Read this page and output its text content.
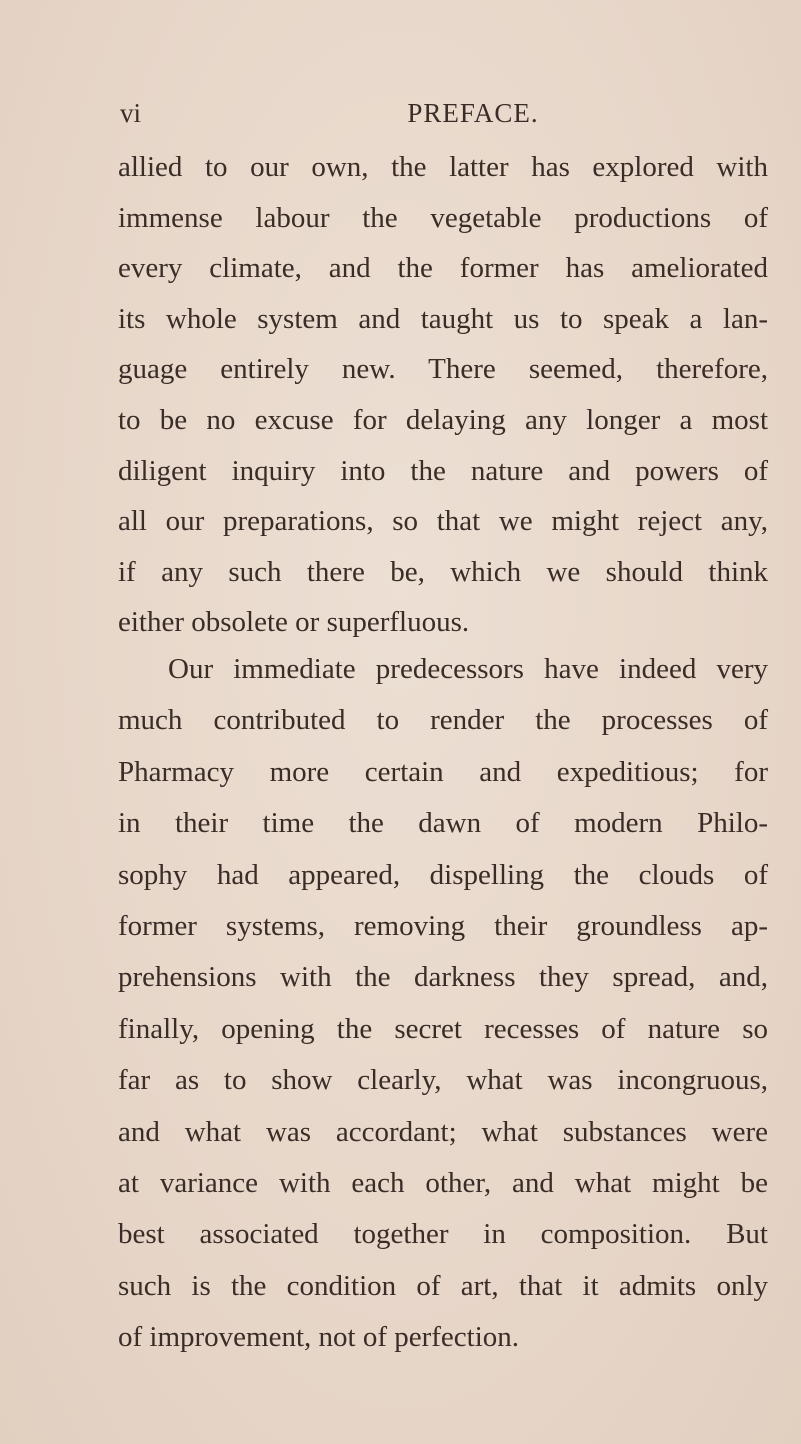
vi	PREFACE.
allied to our own, the latter has explored with
immense labour the vegetable productions of
every climate, and the former has ameliorated
its whole system and taught us to speak a lan-
guage entirely new. There seemed, therefore,
to be no excuse for delaying any longer a most
diligent inquiry into the nature and powers of
all our preparations, so that we might reject any,
if any such there be, which we should think
either obsolete or superfluous.
Our immediate predecessors have indeed very
much contributed to render the processes of
Pharmacy more certain and expeditious; for
in their time the dawn of modern Philo-
sophy had appeared, dispelling the clouds of
former systems, removing their groundless ap-
prehensions with the darkness they spread, and,
finally, opening the secret recesses of nature so
far as to show clearly, what was incongruous,
and what was accordant; what substances were
at variance with each other, and what might be
best associated together in composition. But
such is the condition of art, that it admits only
of improvement, not of perfection.
